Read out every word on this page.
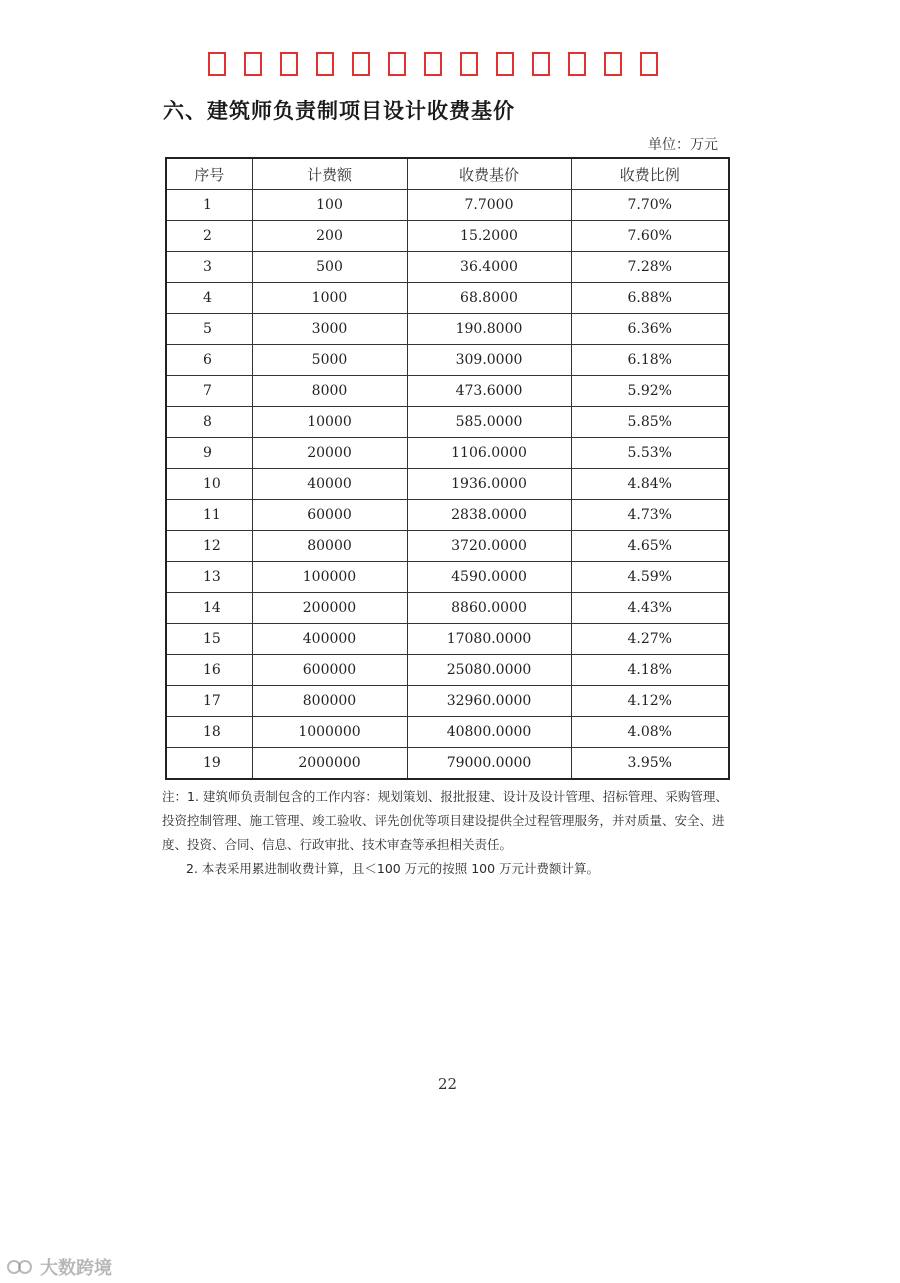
六、建筑师负责制项目设计收费基价
单位：万元
序号	计费额	收费基价	收费比例
1	100	7.7000	7.70%
2	200	15.2000	7.60%
3	500	36.4000	7.28%
4	1000	68.8000	6.88%
5	3000	190.8000	6.36%
6	5000	309.0000	6.18%
7	8000	473.6000	5.92%
8	10000	585.0000	5.85%
9	20000	1106.0000	5.53%
10	40000	1936.0000	4.84%
11	60000	2838.0000	4.73%
12	80000	3720.0000	4.65%
13	100000	4590.0000	4.59%
14	200000	8860.0000	4.43%
15	400000	17080.0000	4.27%
16	600000	25080.0000	4.18%
17	800000	32960.0000	4.12%
18	1000000	40800.0000	4.08%
19	2000000	79000.0000	3.95%

注：1. 建筑师负责制包含的工作内容：规划策划、报批报建、设计及设计管理、招标管理、采购管理、投资控制管理、施工管理、竣工验收、评先创优等项目建设提供全过程管理服务，并对质量、安全、进度、投资、合同、信息、行政审批、技术审查等承担相关责任。

2. 本表采用累进制收费计算，且＜100 万元的按照 100 万元计费额计算。

22
大数跨境
